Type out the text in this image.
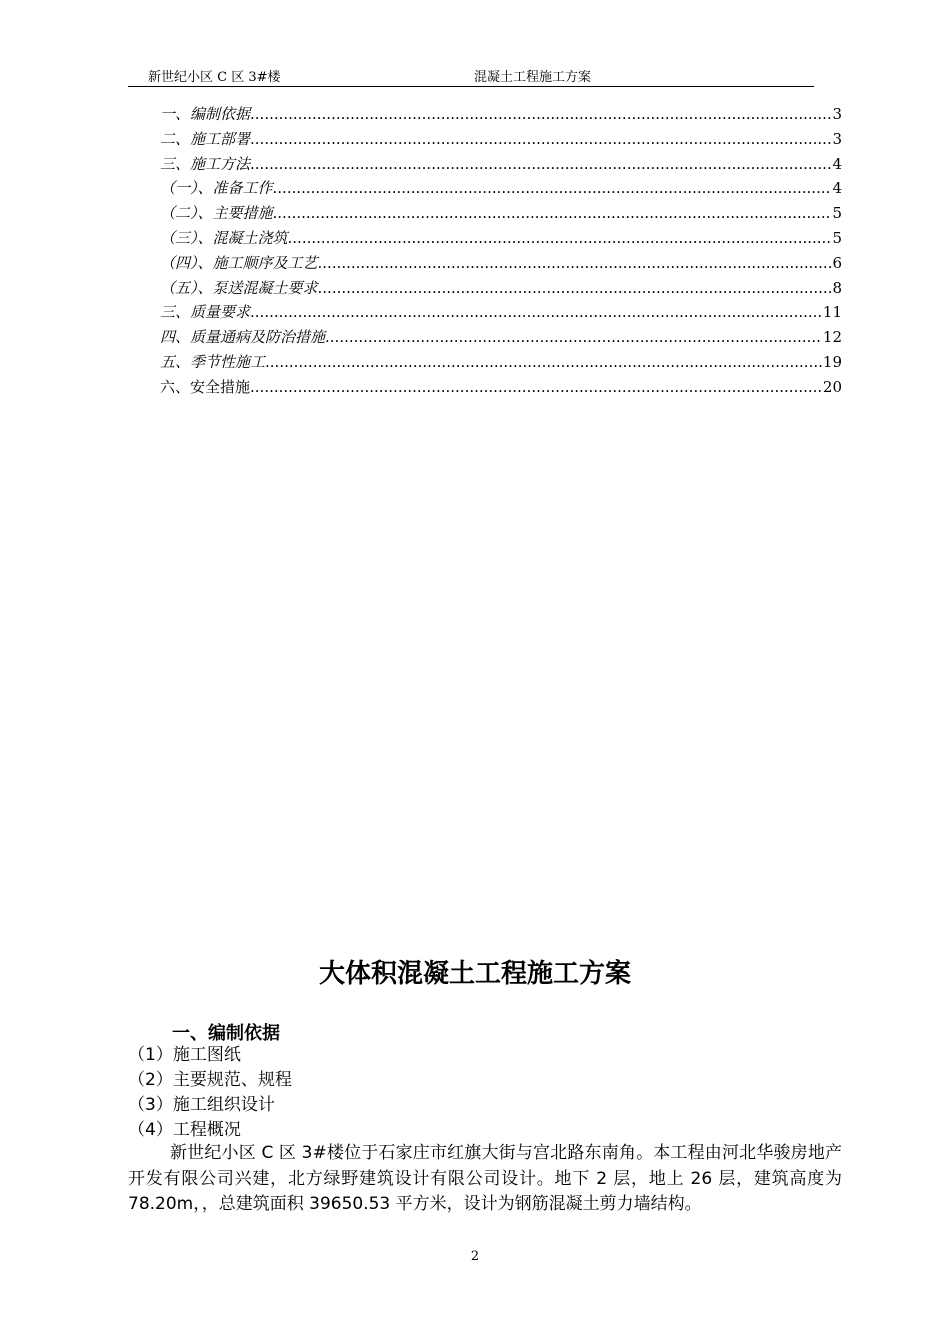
新世纪小区 C 区 3#楼	混凝土工程施工方案
一、编制依据 .....	3
二、施工部署 .....	3
三、施工方法 .....	4
（一）、准备工作 .....	4
（二）、主要措施 .....	5
（三）、混凝土浇筑 .....	5
（四）、施工顺序及工艺 .....	6
（五）、泵送混凝土要求 .....	8
三、质量要求 .....	11
四、质量通病及防治措施 .....	12
五、季节性施工 .....	19
六、安全措施 .....	20
大体积混凝土工程施工方案
一、编制依据
（1）施工图纸
（2）主要规范、规程
（3）施工组织设计
（4）工程概况
新世纪小区 C 区 3#楼位于石家庄市红旗大街与宫北路东南角。本工程由河北华骏房地产开发有限公司兴建，北方绿野建筑设计有限公司设计。地下 2 层，地上 26 层，建筑高度为 78.20m，，总建筑面积 39650.53 平方米，设计为钢筋混凝土剪力墙结构。
2
